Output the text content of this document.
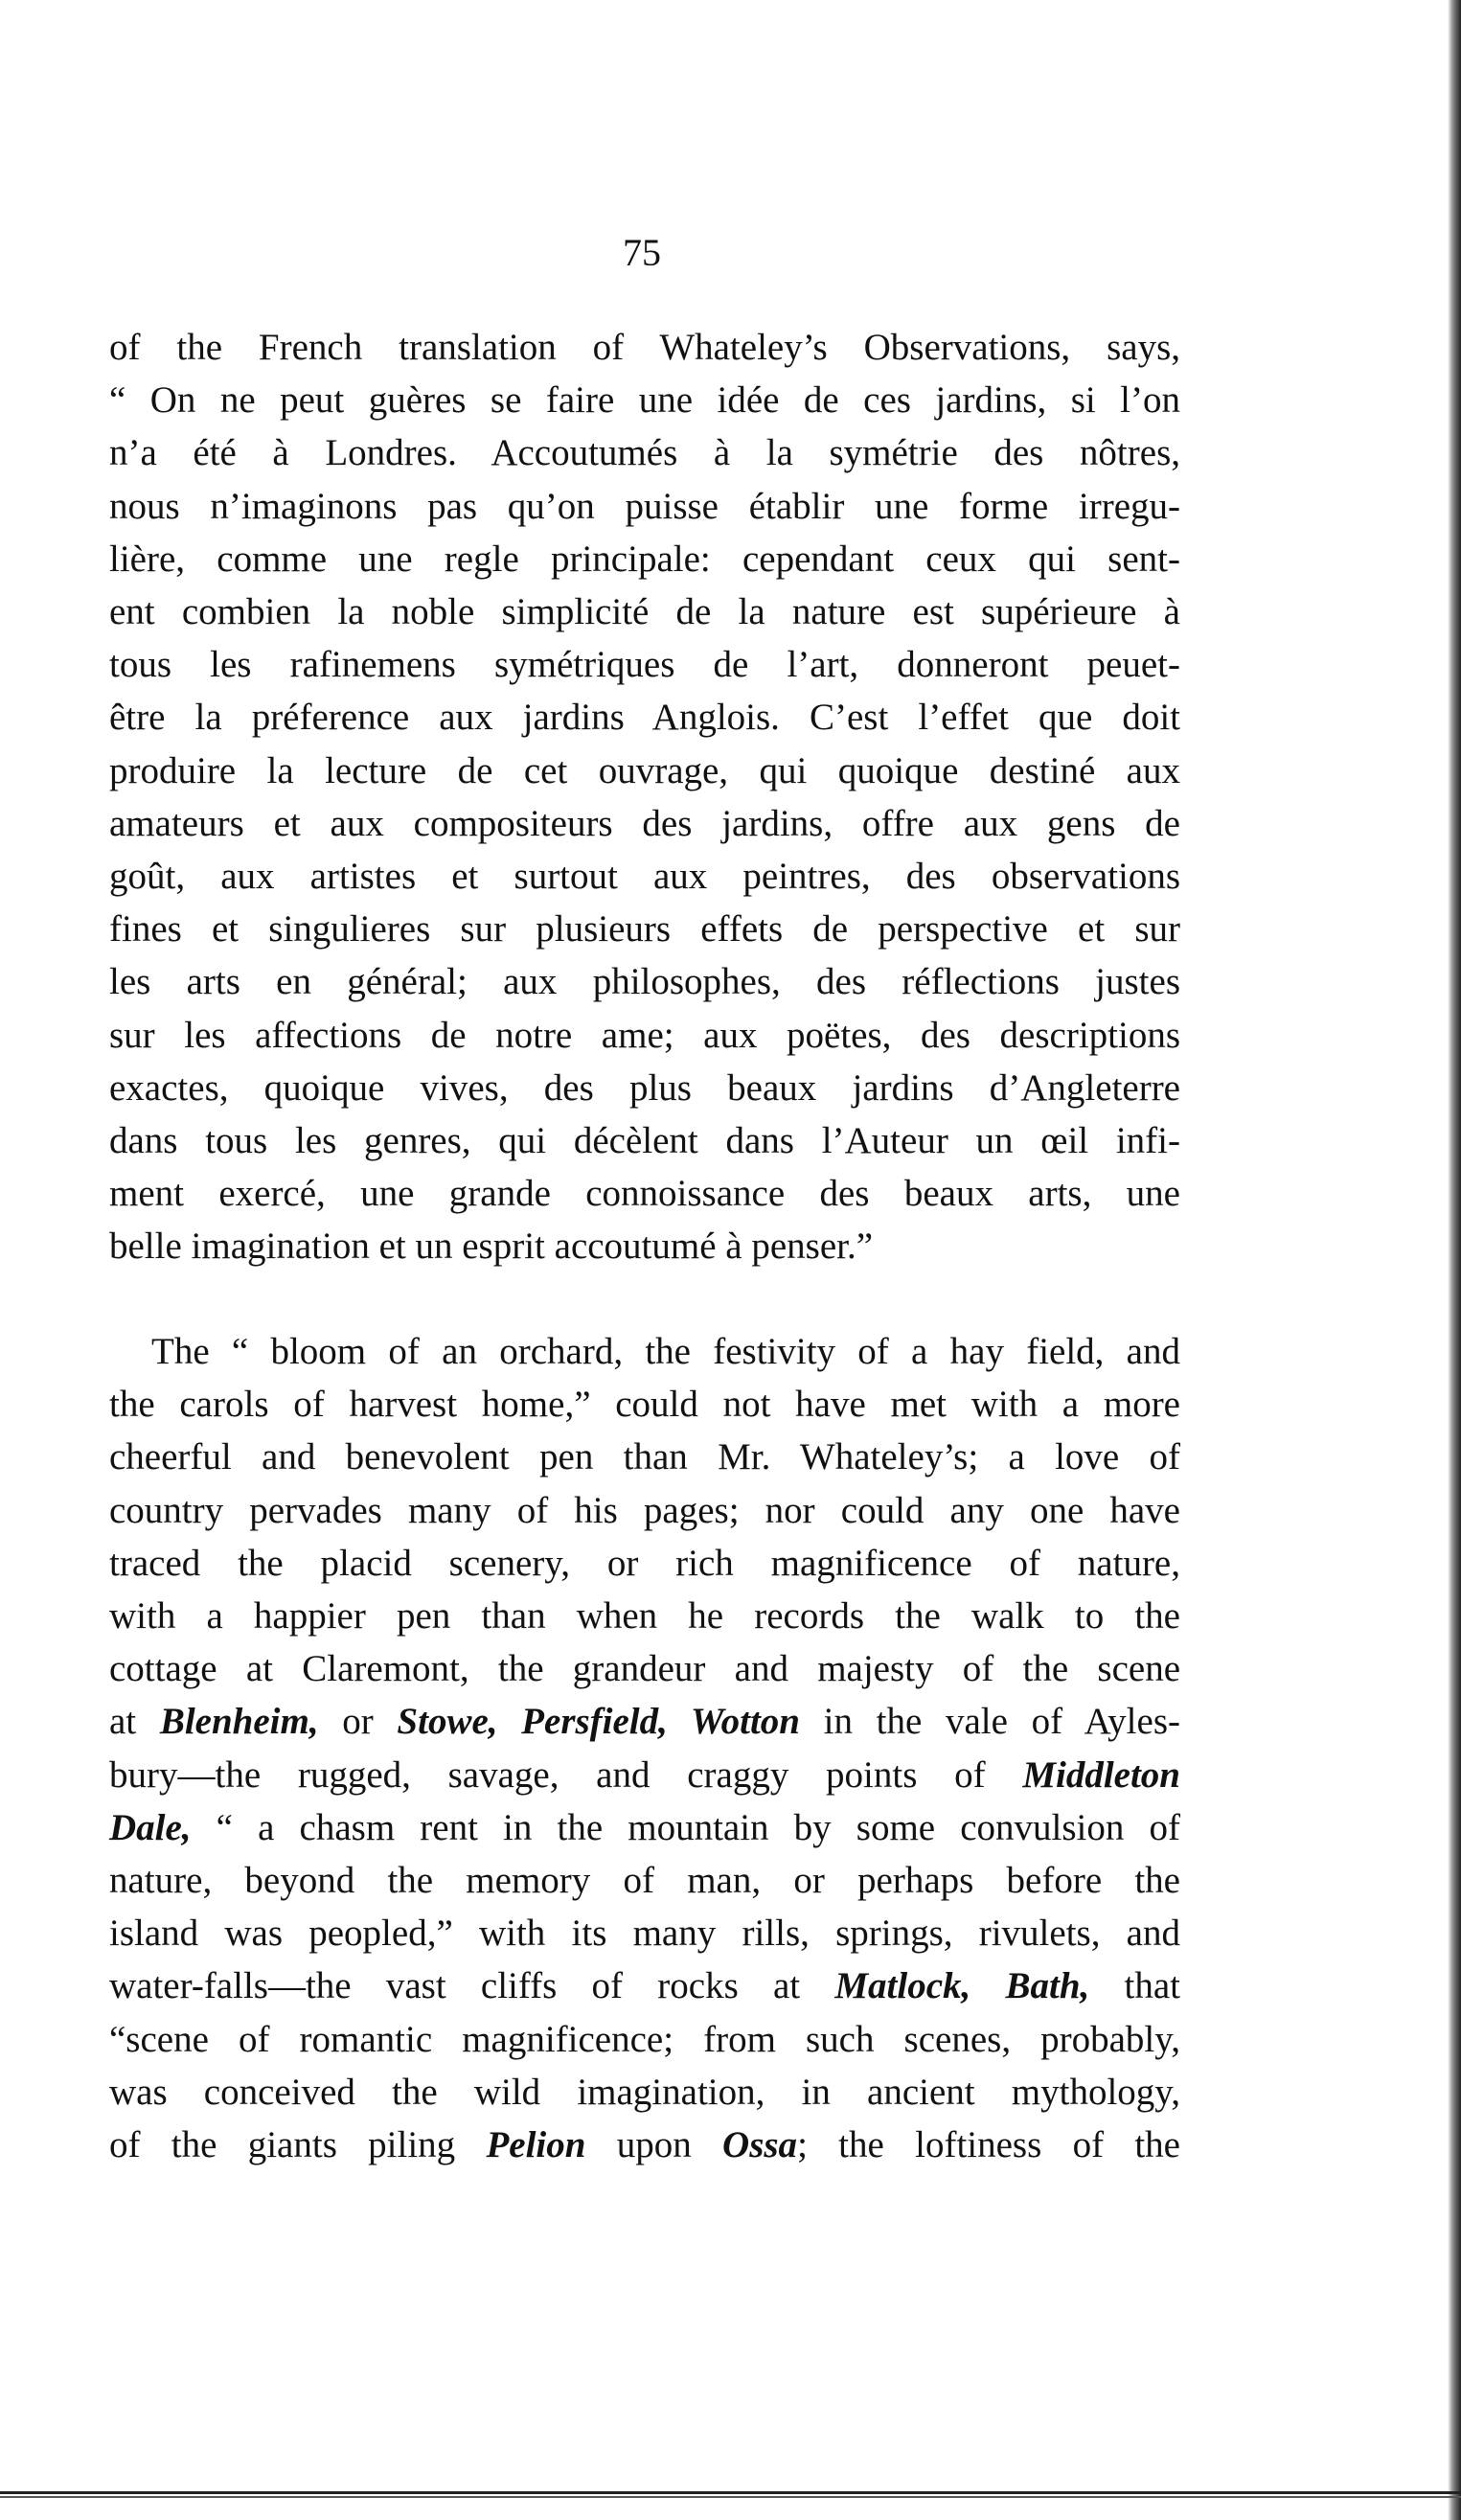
75
of the French translation of Whateley’s Observations, says,
“ On ne peut guères se faire une idée de ces jardins, si l’on
n’a été à Londres. Accoutumés à la symétrie des nôtres,
nous n’imaginons pas qu’on puisse établir une forme irregu-
lière, comme une regle principale: cependant ceux qui sent-
ent combien la noble simplicité de la nature est supérieure à
tous les rafinemens symétriques de l’art, donneront peuet-
être la préference aux jardins Anglois. C’est l’effet que doit
produire la lecture de cet ouvrage, qui quoique destiné aux
amateurs et aux compositeurs des jardins, offre aux gens de
goût, aux artistes et surtout aux peintres, des observations
fines et singulieres sur plusieurs effets de perspective et sur
les arts en général; aux philosophes, des réflections justes
sur les affections de notre ame; aux poëtes, des descriptions
exactes, quoique vives, des plus beaux jardins d’Angleterre
dans tous les genres, qui décèlent dans l’Auteur un œil infi-
ment exercé, une grande connoissance des beaux arts, une
belle imagination et un esprit accoutumé à penser.”
The “ bloom of an orchard, the festivity of a hay field, and
the carols of harvest home,” could not have met with a more
cheerful and benevolent pen than Mr. Whateley’s; a love of
country pervades many of his pages; nor could any one have
traced the placid scenery, or rich magnificence of nature,
with a happier pen than when he records the walk to the
cottage at Claremont, the grandeur and majesty of the scene
at Blenheim, or Stowe, Persfield, Wotton in the vale of Ayles-
bury—the rugged, savage, and craggy points of Middleton
Dale, “ a chasm rent in the mountain by some convulsion of
nature, beyond the memory of man, or perhaps before the
island was peopled,” with its many rills, springs, rivulets, and
water-falls—the vast cliffs of rocks at Matlock, Bath, that
“scene of romantic magnificence; from such scenes, probably,
was conceived the wild imagination, in ancient mythology,
of the giants piling Pelion upon Ossa; the loftiness of the
